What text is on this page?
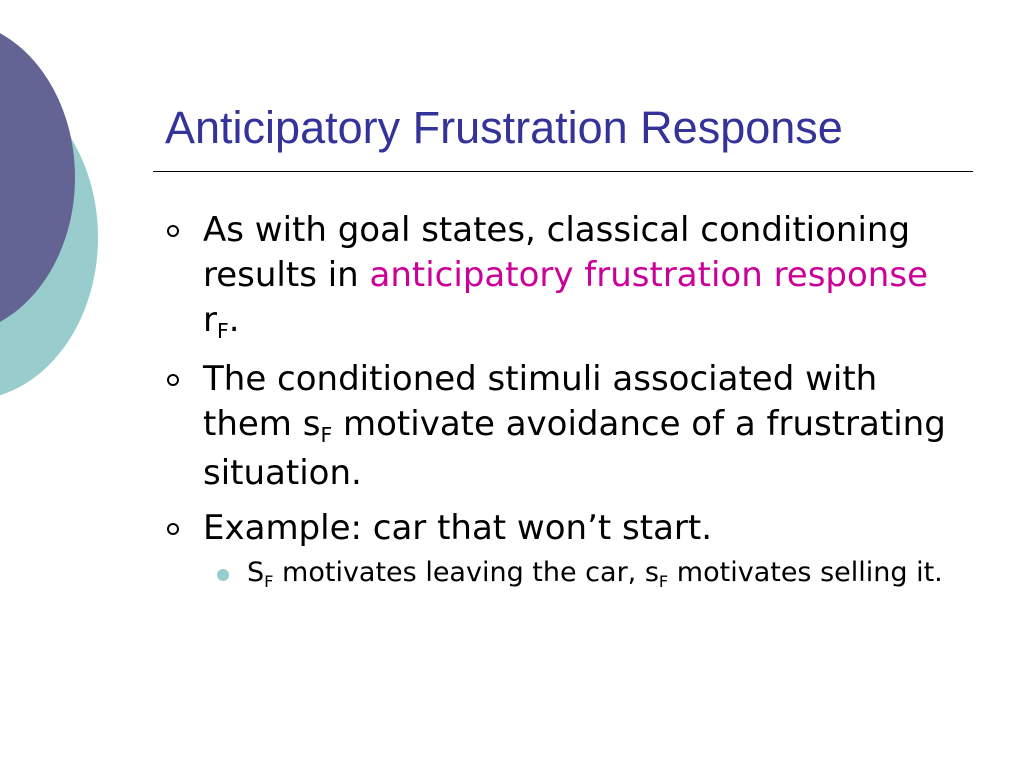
Anticipatory Frustration Response
As with goal states, classical conditioning results in anticipatory frustration response $r_F$.
The conditioned stimuli associated with them $s_F$ motivate avoidance of a frustrating situation.
Example: car that won’t start.
$S_F$ motivates leaving the car, $s_F$ motivates selling it.
